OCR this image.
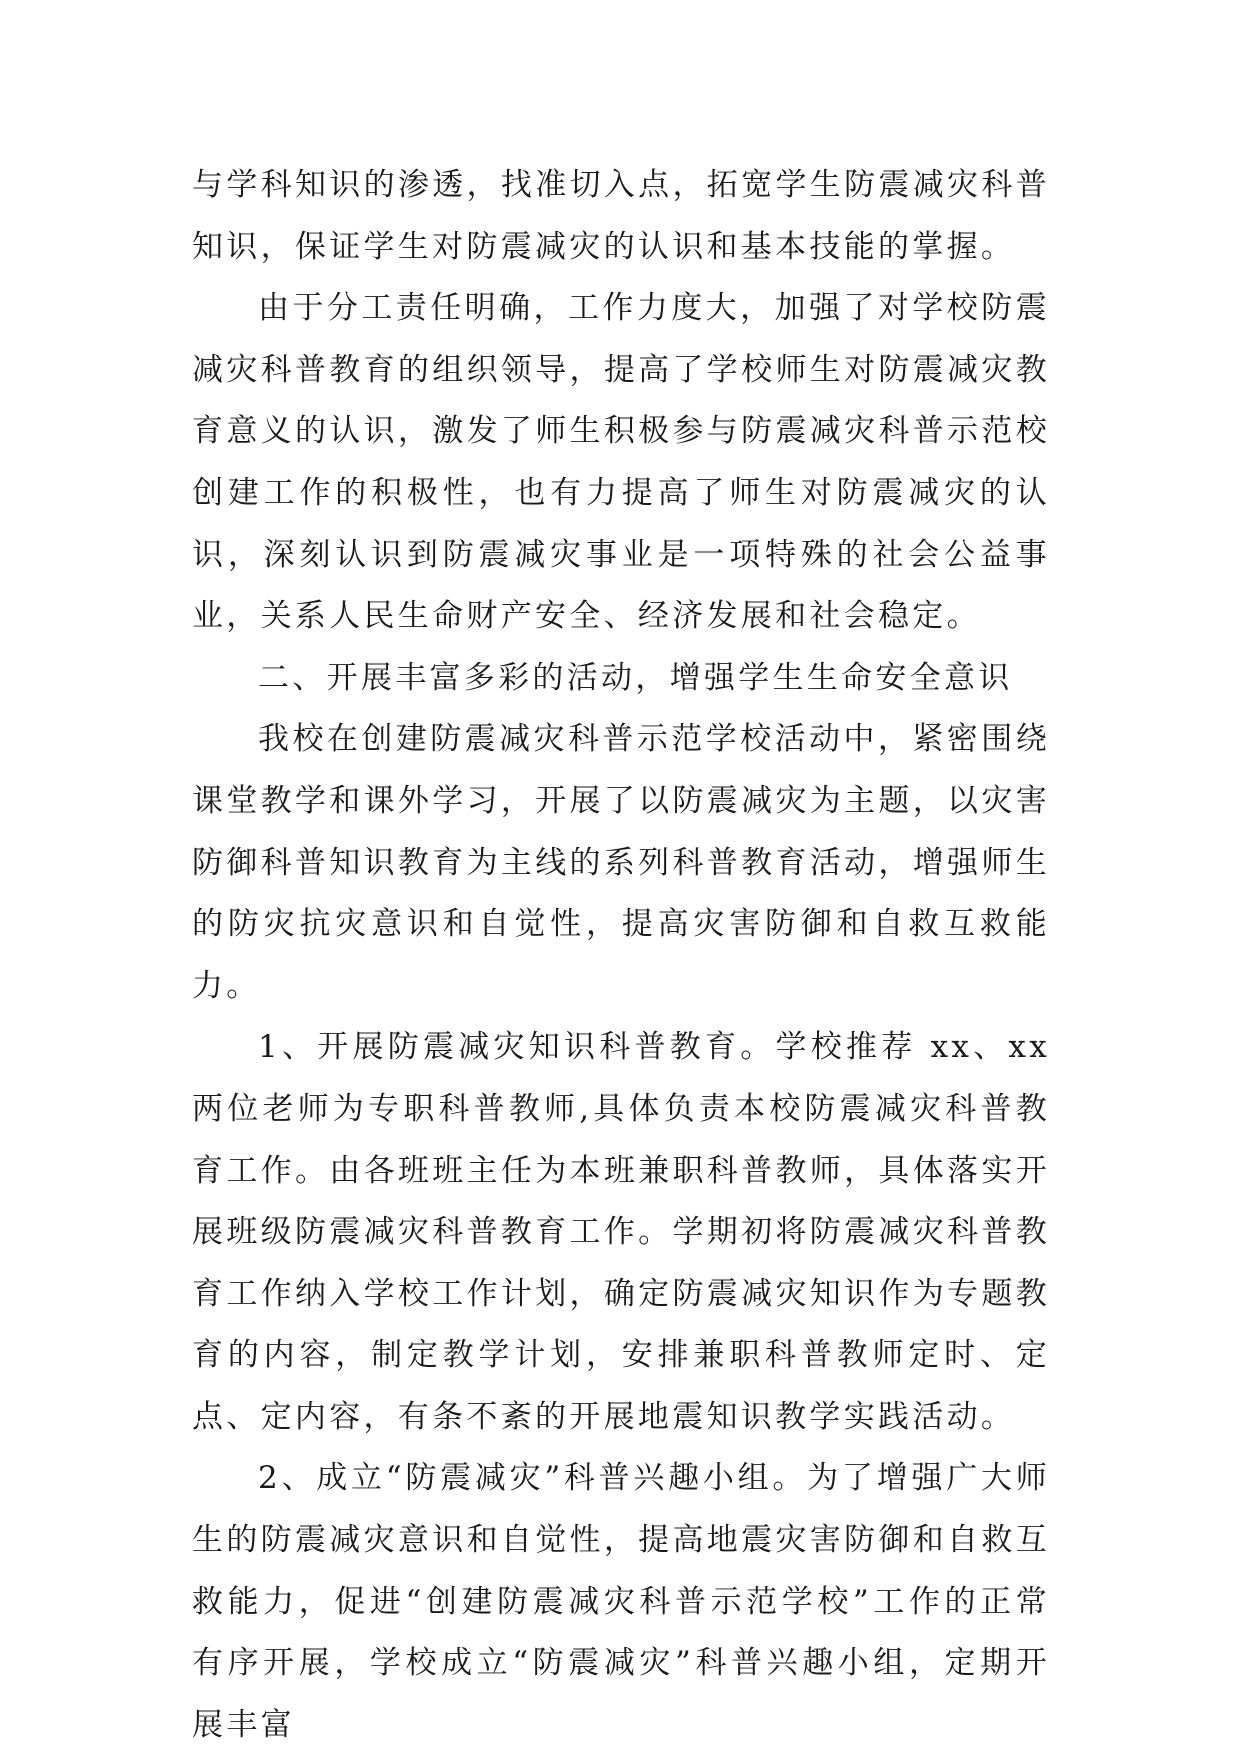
与学科知识的渗透，找准切入点，拓宽学生防震减灾科普知识，保证学生对防震减灾的认识和基本技能的掌握。

由于分工责任明确，工作力度大，加强了对学校防震减灾科普教育的组织领导，提高了学校师生对防震减灾教育意义的认识，激发了师生积极参与防震减灾科普示范校创建工作的积极性，也有力提高了师生对防震减灾的认识，深刻认识到防震减灾事业是一项特殊的社会公益事业，关系人民生命财产安全、经济发展和社会稳定。

二、开展丰富多彩的活动，增强学生生命安全意识

我校在创建防震减灾科普示范学校活动中，紧密围绕课堂教学和课外学习，开展了以防震减灾为主题，以灾害防御科普知识教育为主线的系列科普教育活动，增强师生的防灾抗灾意识和自觉性，提高灾害防御和自救互救能力。

1、开展防震减灾知识科普教育。学校推荐 xx、xx 两位老师为专职科普教师,具体负责本校防震减灾科普教育工作。由各班班主任为本班兼职科普教师，具体落实开展班级防震减灾科普教育工作。学期初将防震减灾科普教育工作纳入学校工作计划，确定防震减灾知识作为专题教育的内容，制定教学计划，安排兼职科普教师定时、定点、定内容，有条不紊的开展地震知识教学实践活动。

2、成立“防震减灾”科普兴趣小组。为了增强广大师生的防震减灾意识和自觉性，提高地震灾害防御和自救互救能力，促进“创建防震减灾科普示范学校”工作的正常有序开展，学校成立“防震减灾”科普兴趣小组，定期开展丰富
